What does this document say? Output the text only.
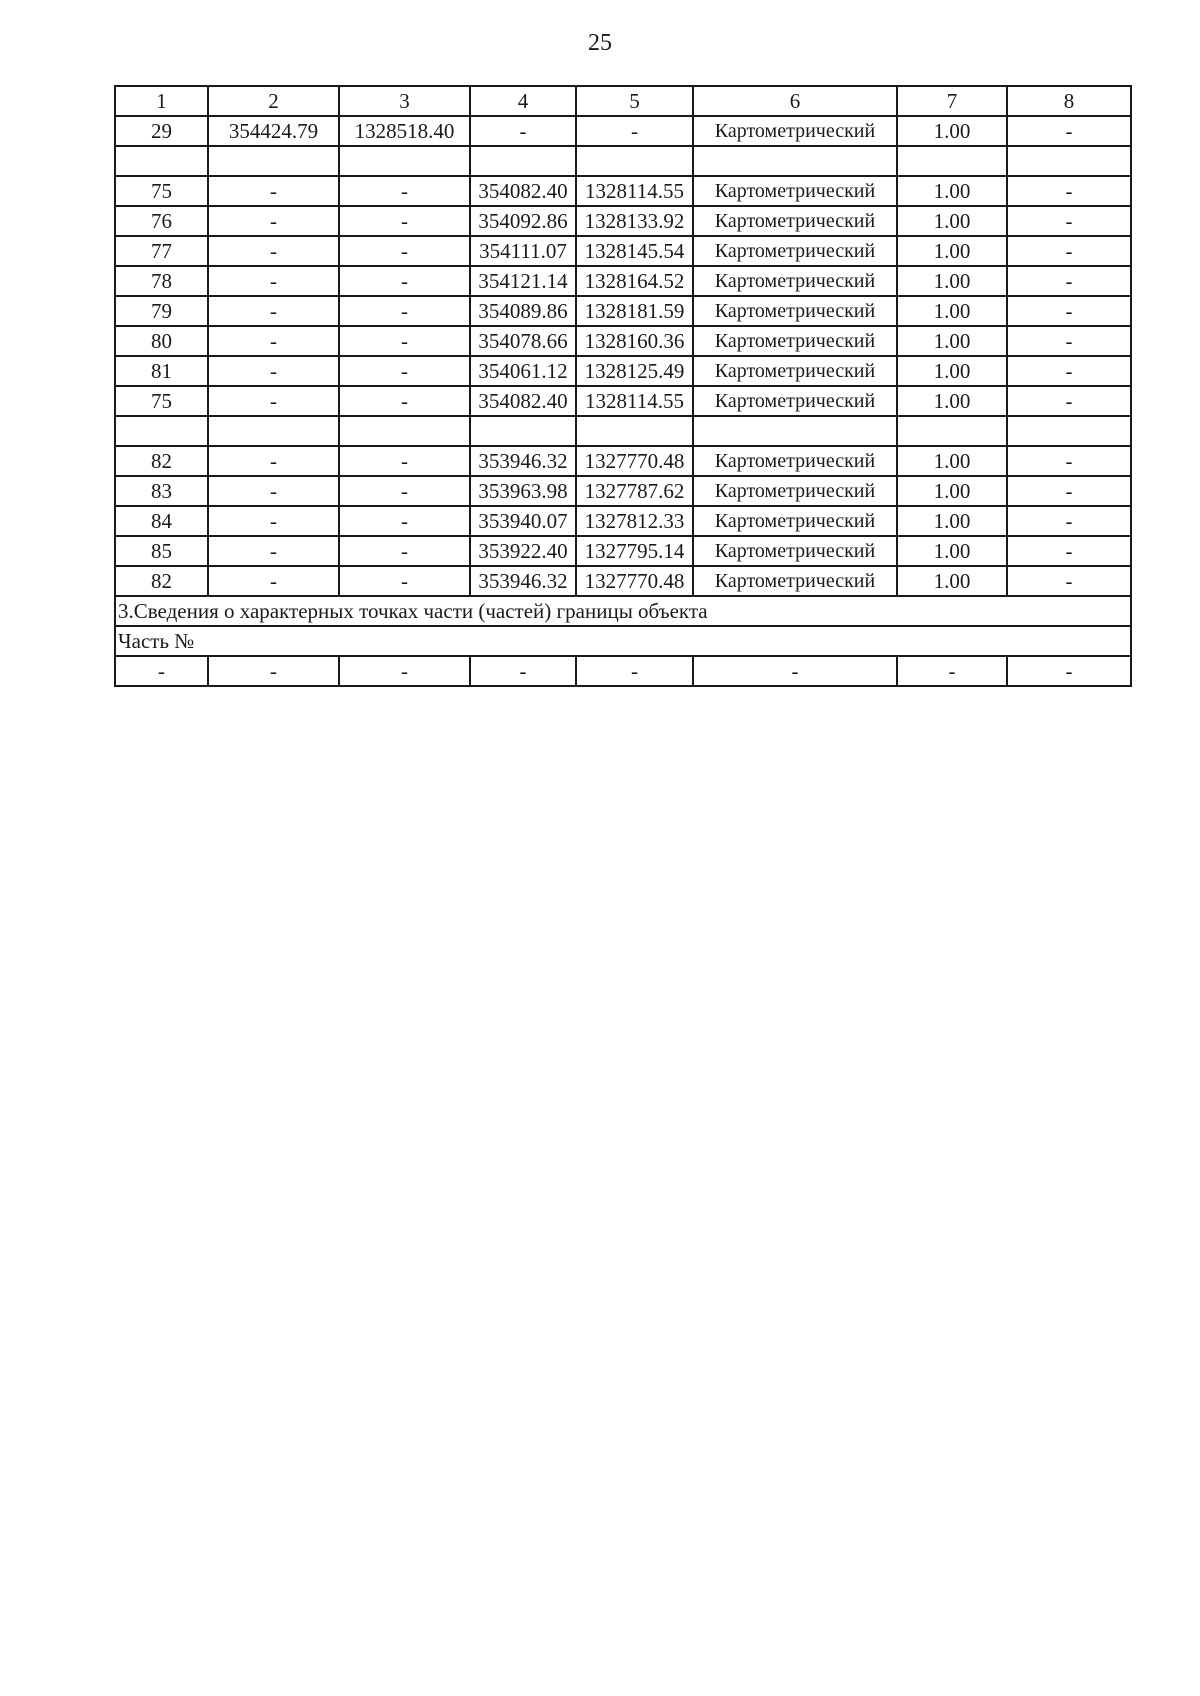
25
1	2	3	4	5	6	7	8
29	354424.79	1328518.40	-	-	Картометрический	1.00	-

75	-	-	354082.40	1328114.55	Картометрический	1.00	-
76	-	-	354092.86	1328133.92	Картометрический	1.00	-
77	-	-	354111.07	1328145.54	Картометрический	1.00	-
78	-	-	354121.14	1328164.52	Картометрический	1.00	-
79	-	-	354089.86	1328181.59	Картометрический	1.00	-
80	-	-	354078.66	1328160.36	Картометрический	1.00	-
81	-	-	354061.12	1328125.49	Картометрический	1.00	-
75	-	-	354082.40	1328114.55	Картометрический	1.00	-

82	-	-	353946.32	1327770.48	Картометрический	1.00	-
83	-	-	353963.98	1327787.62	Картометрический	1.00	-
84	-	-	353940.07	1327812.33	Картометрический	1.00	-
85	-	-	353922.40	1327795.14	Картометрический	1.00	-
82	-	-	353946.32	1327770.48	Картометрический	1.00	-
3.Сведения о характерных точках части (частей) границы объекта							
Часть №							
-	-	-	-	-	-	-	-
